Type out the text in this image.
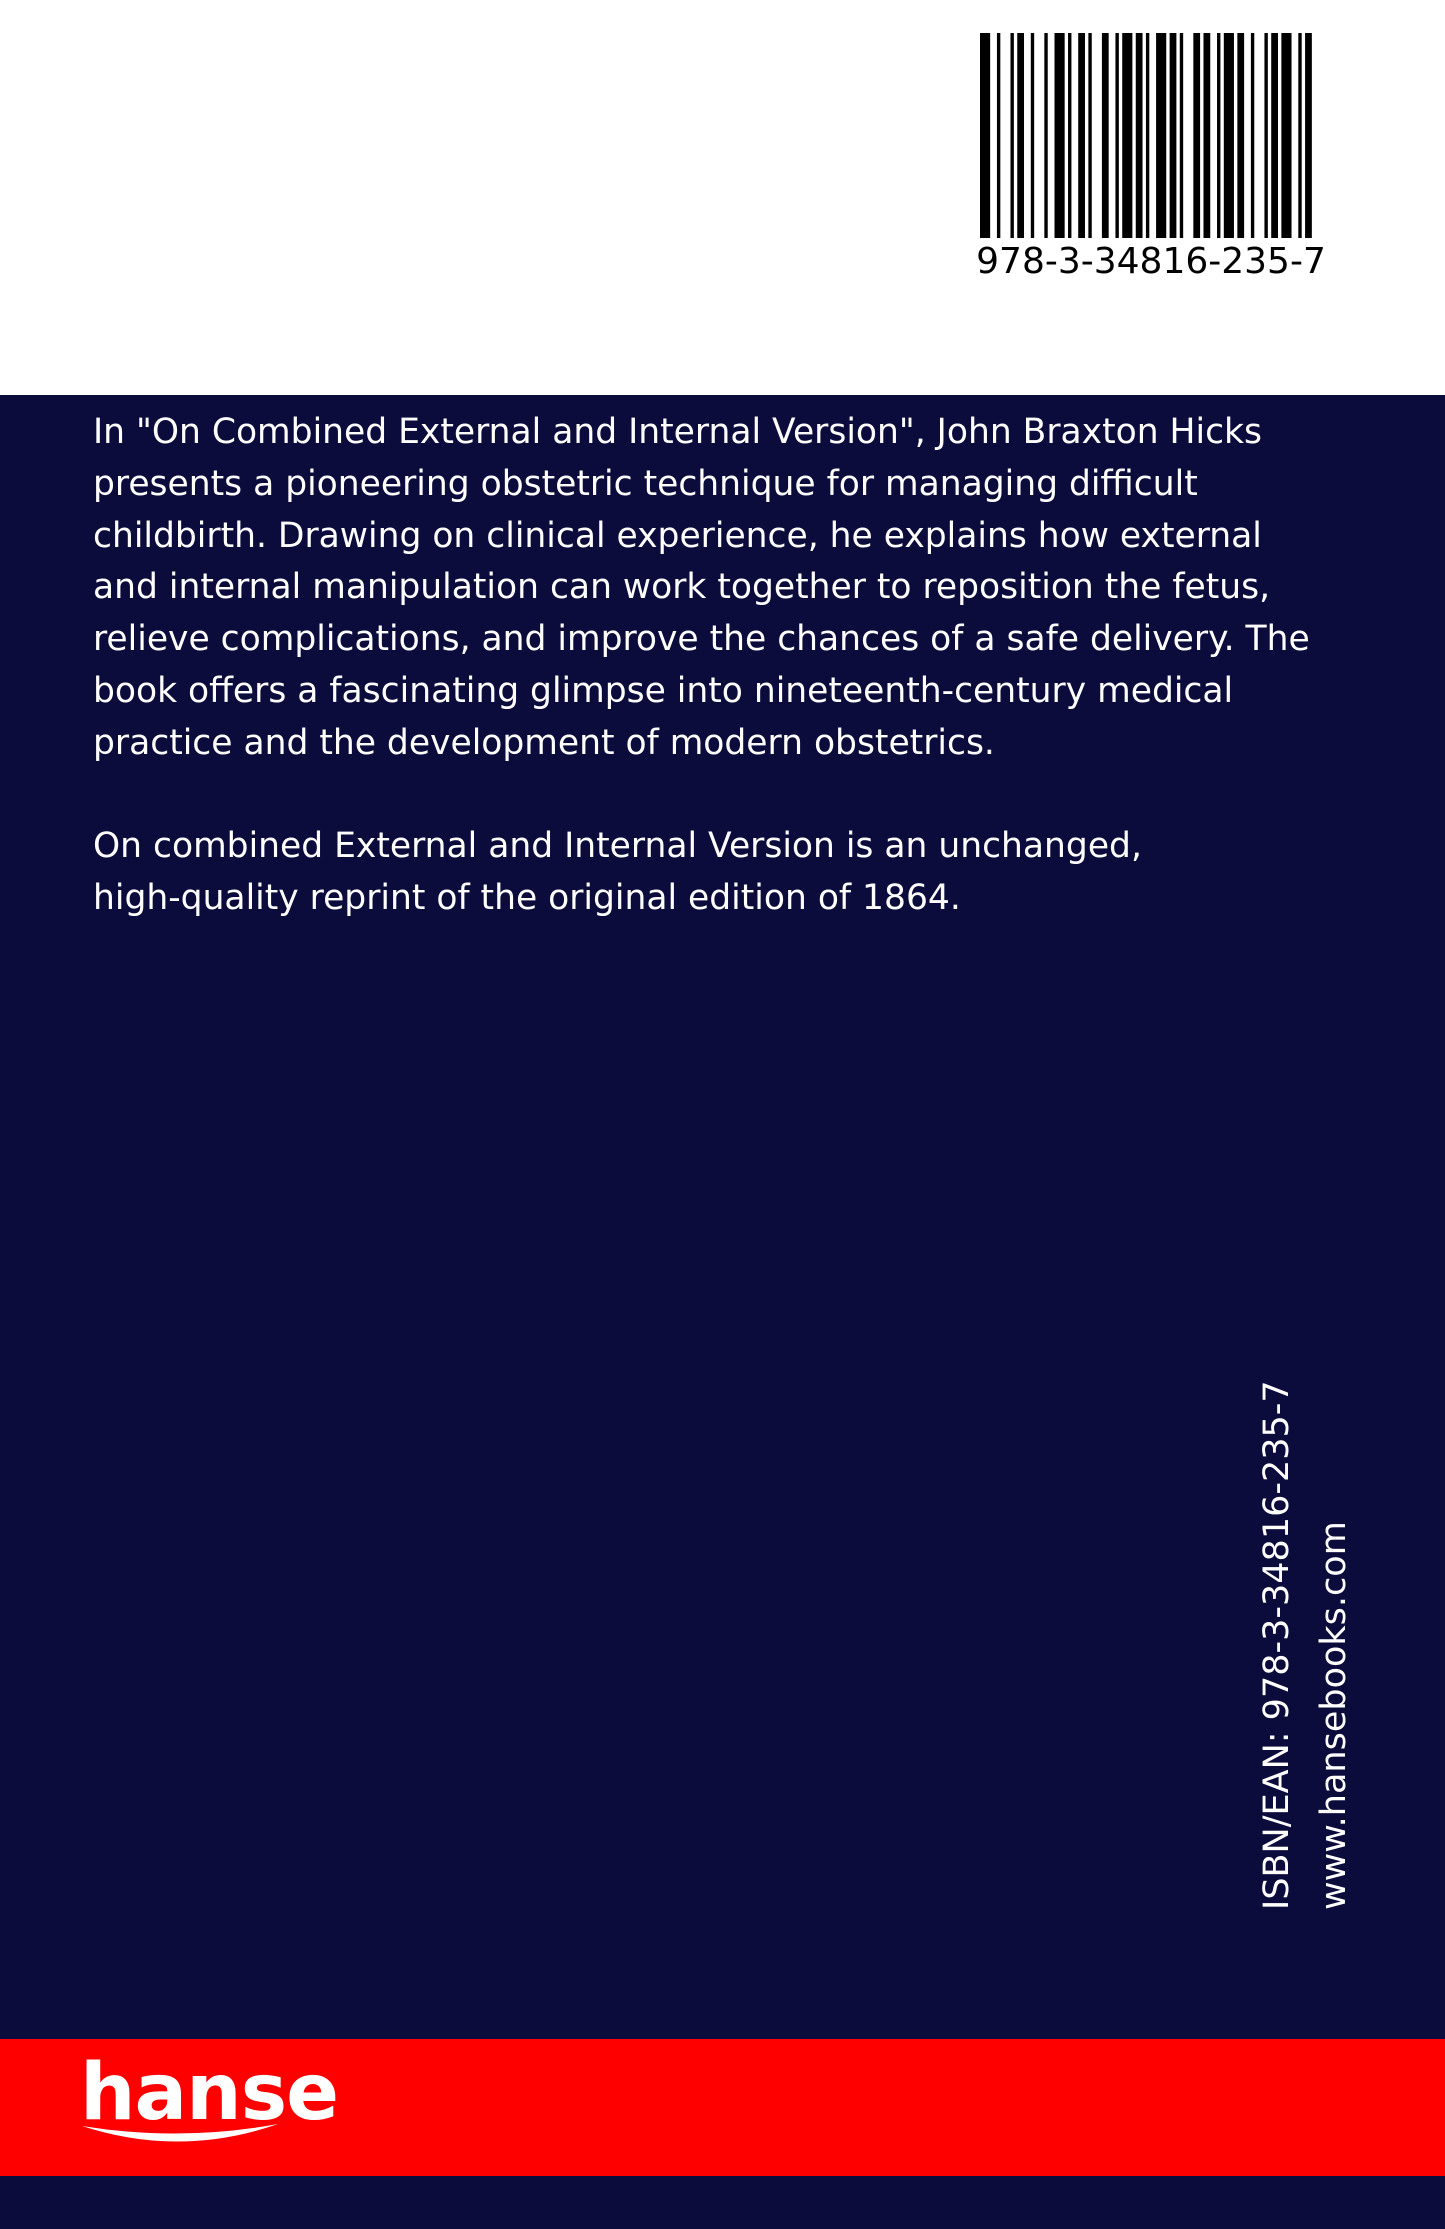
978-3-34816-235-7

In "On Combined External and Internal Version", John Braxton Hicks
presents a pioneering obstetric technique for managing difficult
childbirth. Drawing on clinical experience, he explains how external
and internal manipulation can work together to reposition the fetus,
relieve complications, and improve the chances of a safe delivery. The
book offers a fascinating glimpse into nineteenth-century medical
practice and the development of modern obstetrics.

On combined External and Internal Version is an unchanged,
high-quality reprint of the original edition of 1864.

ISBN/EAN: 978-3-34816-235-7 www.hansebooks.com
hanse
